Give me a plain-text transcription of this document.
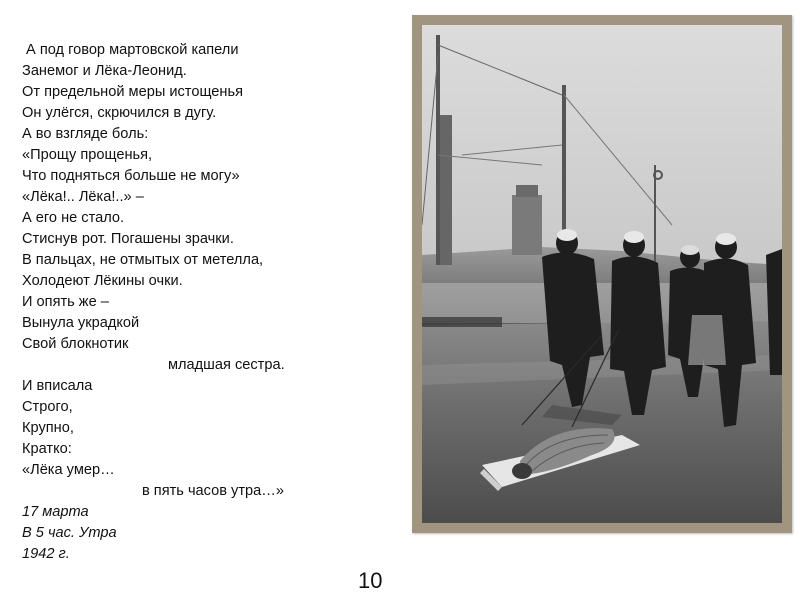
А под говор мартовской капели
Занемог и Лёка-Леонид.
От предельной меры истощенья
Он улёгся, скрючился в дугу.
А во взгляде боль:
«Прощу прощенья,
Что подняться больше не могу»
«Лёка!.. Лёка!..» –
А его не стало.
Стиснув рот. Погашены зрачки.
В пальцах, не отмытых от метелла,
Холодеют Лёкины очки.
И опять же –
Вынула украдкой
Свой блокнотик
младшая сестра.
И вписала
Строго,
Крупно,
Кратко:
«Лёка умер…
в пять часов утра…»
17 марта
В 5 час. Утра
1942 г.
10
